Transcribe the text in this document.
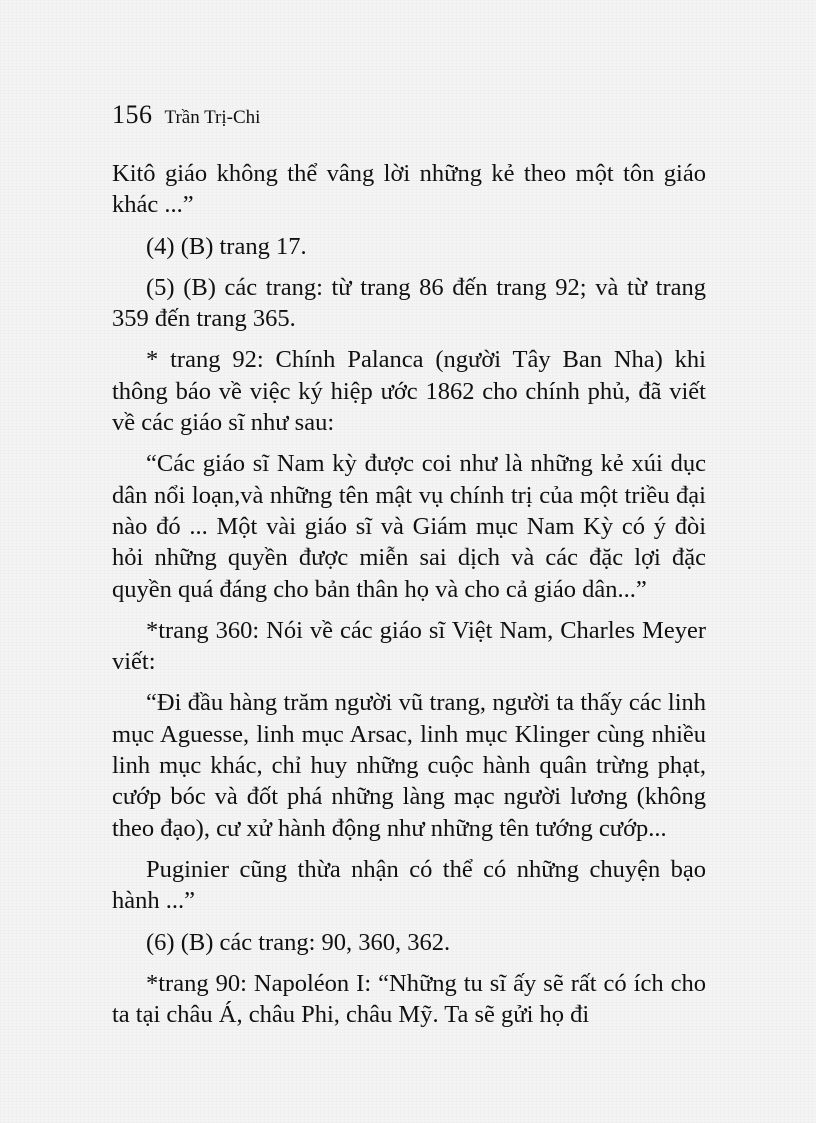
156 Trần Trị-Chi

Kitô giáo không thể vâng lời những kẻ theo một tôn giáo khác ...”

(4) (B) trang 17.

(5) (B) các trang: từ trang 86 đến trang 92; và từ trang 359 đến trang 365.

* trang 92: Chính Palanca (người Tây Ban Nha) khi thông báo về việc ký hiệp ước 1862 cho chính phủ, đã viết về các giáo sĩ như sau:

“Các giáo sĩ Nam kỳ được coi như là những kẻ xúi dục dân nổi loạn,và những tên mật vụ chính trị của một triều đại nào đó ... Một vài giáo sĩ và Giám mục Nam Kỳ có ý đòi hỏi những quyền được miễn sai dịch và các đặc lợi đặc quyền quá đáng cho bản thân họ và cho cả giáo dân...”

*trang 360: Nói về các giáo sĩ Việt Nam, Charles Meyer viết:

“Đi đầu hàng trăm người vũ trang, người ta thấy các linh mục Aguesse, linh mục Arsac, linh mục Klinger cùng nhiều linh mục khác, chỉ huy những cuộc hành quân trừng phạt, cướp bóc và đốt phá những làng mạc người lương (không theo đạo), cư xử hành động như những tên tướng cướp...

Puginier cũng thừa nhận có thể có những chuyện bạo hành ...”

(6) (B) các trang: 90, 360, 362.

*trang 90: Napoléon I: “Những tu sĩ ấy sẽ rất có ích cho ta tại châu Á, châu Phi, châu Mỹ. Ta sẽ gửi họ đi
